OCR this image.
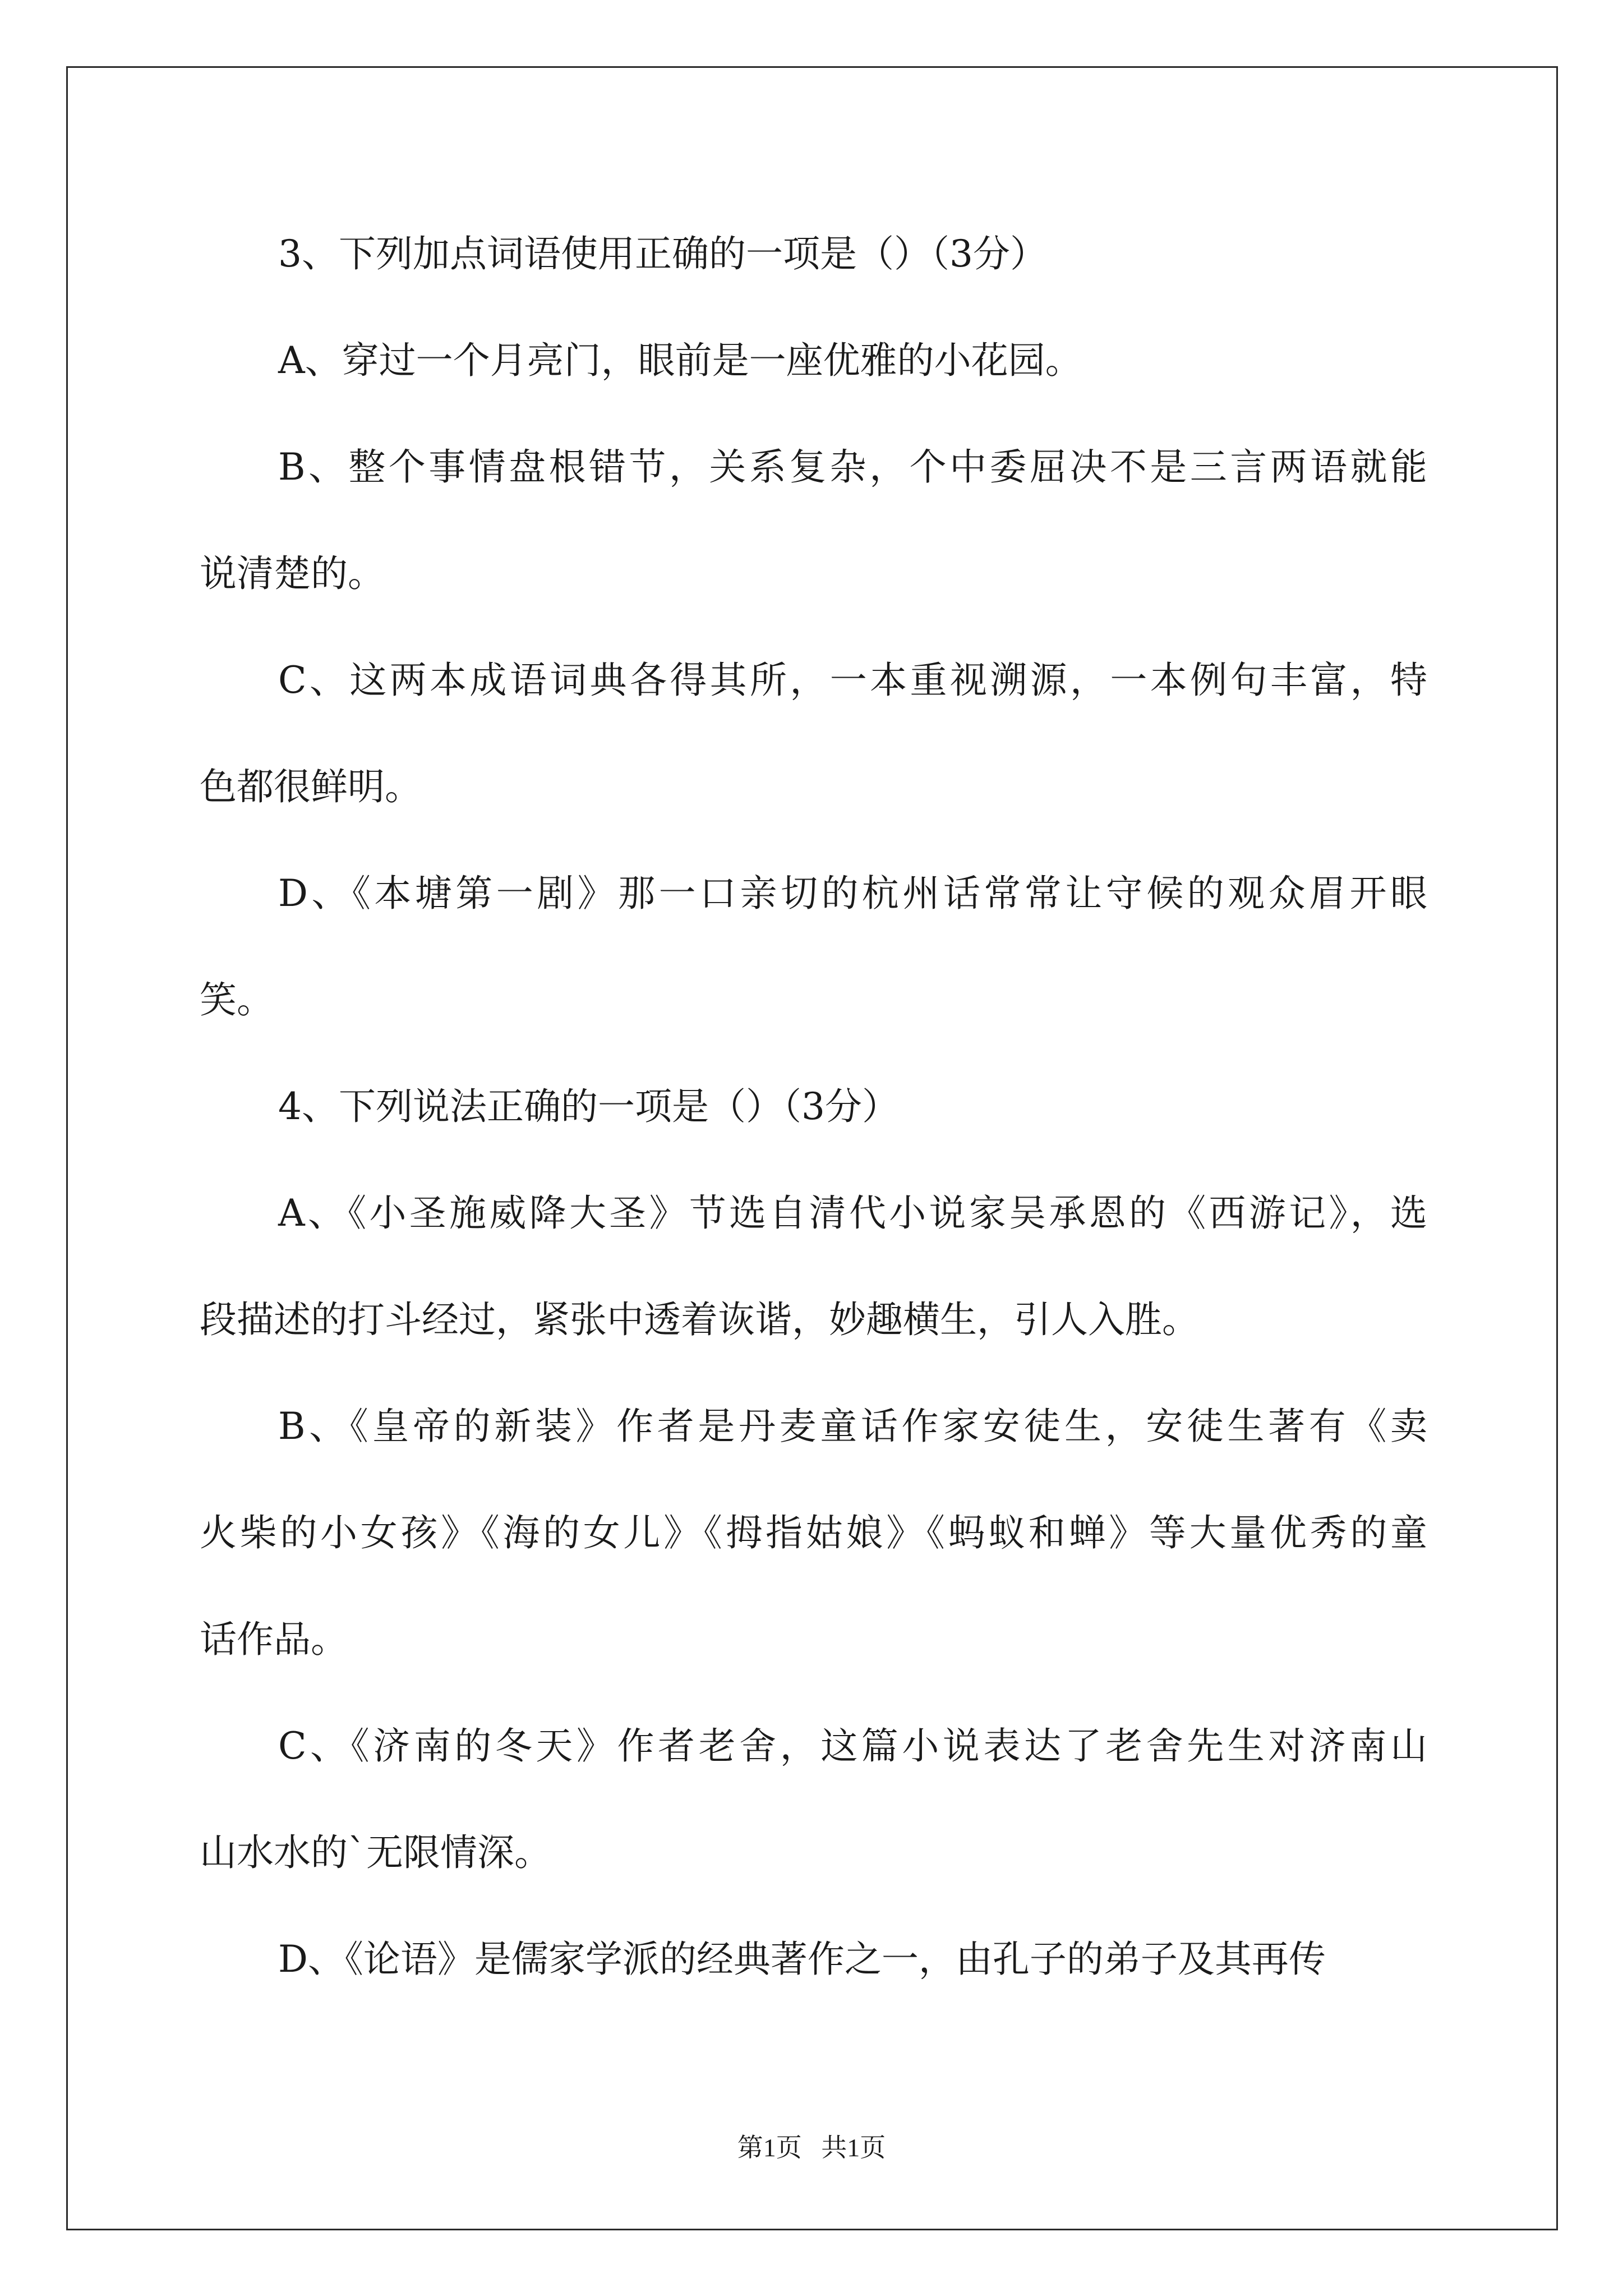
3、下列加点词语使用正确的一项是（）（3分）
A、穿过一个月亮门，眼前是一座优雅的小花园。
B、整个事情盘根错节，关系复杂，个中委屈决不是三言两语就能
说清楚的。
C、这两本成语词典各得其所，一本重视溯源，一本例句丰富，特
色都很鲜明。
D、《本塘第一剧》那一口亲切的杭州话常常让守候的观众眉开眼
笑。
4、下列说法正确的一项是（）（3分）
A、《小圣施威降大圣》节选自清代小说家吴承恩的《西游记》，选
段描述的打斗经过，紧张中透着诙谐，妙趣横生，引人入胜。
B、《皇帝的新装》作者是丹麦童话作家安徒生，安徒生著有《卖
火柴的小女孩》《海的女儿》《拇指姑娘》《蚂蚁和蝉》等大量优秀的童
话作品。
C、《济南的冬天》作者老舍，这篇小说表达了老舍先生对济南山
山水水的`无限情深。
D、《论语》是儒家学派的经典著作之一，由孔子的弟子及其再传
第1页   共1页
